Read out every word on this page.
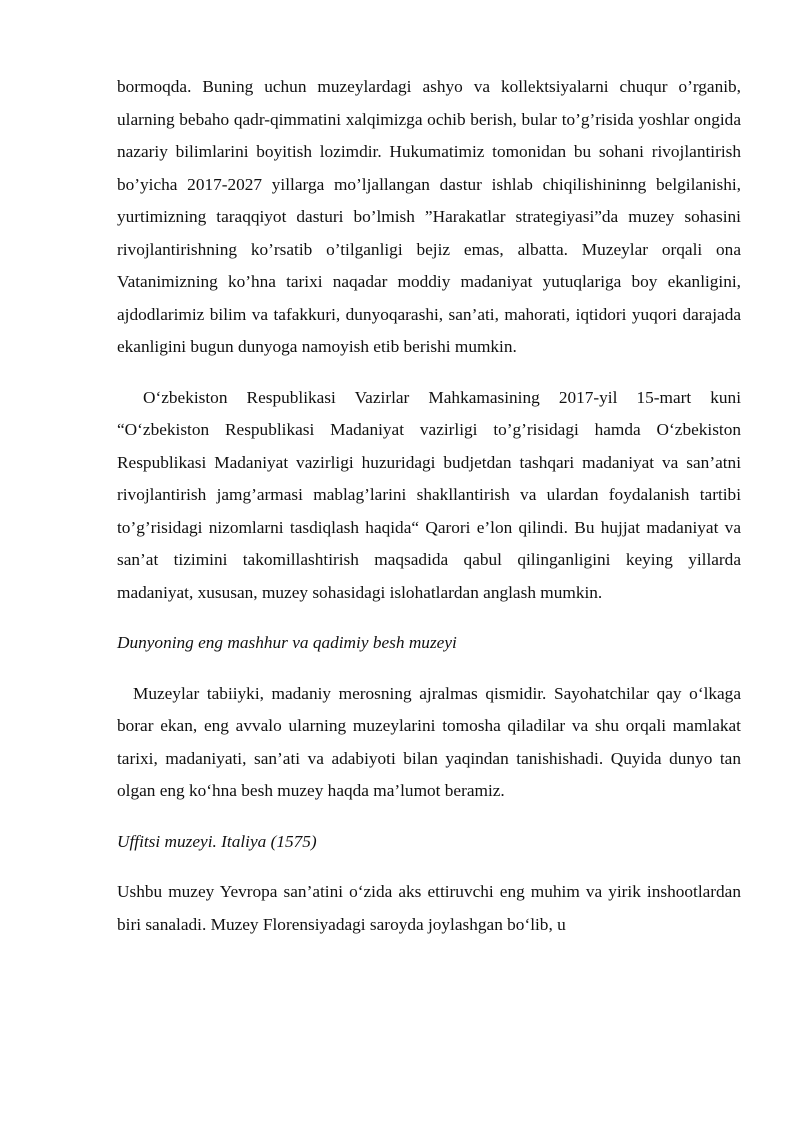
bormoqda. Buning uchun muzeylardagi ashyo va kollektsiyalarni chuqur o’rganib, ularning bebaho qadr-qimmatini xalqimizga ochib berish, bular to’g’risida yoshlar ongida nazariy bilimlarini boyitish lozimdir. Hukumatimiz tomonidan bu sohani rivojlantirish bo’yicha 2017-2027 yillarga mo’ljallangan dastur ishlab chiqilishininng belgilanishi, yurtimizning taraqqiyot dasturi bo’lmish ”Harakatlar strategiyasi”da muzey sohasini rivojlantirishning ko’rsatib o’tilganligi bejiz emas, albatta. Muzeylar orqali ona Vatanimizning ko’hna tarixi naqadar moddiy madaniyat yutuqlariga boy ekanligini, ajdodlarimiz bilim va tafakkuri, dunyoqarashi, san’ati, mahorati, iqtidori yuqori darajada ekanligini bugun dunyoga namoyish etib berishi mumkin.

O‘zbekiston Respublikasi Vazirlar Mahkamasining 2017-yil 15-mart kuni “O‘zbekiston Respublikasi Madaniyat vazirligi to’g’risidagi hamda O‘zbekiston Respublikasi Madaniyat vazirligi huzuridagi budjetdan tashqari madaniyat va san’atni rivojlantirish jamg’armasi mablag’larini shakllantirish va ulardan foydalanish tartibi to’g’risidagi nizomlarni tasdiqlash haqida“ Qarori e’lon qilindi. Bu hujjat madaniyat va san’at tizimini takomillashtirish maqsadida qabul qilinganligini keying yillarda madaniyat, xususan, muzey sohasidagi islohatlardan anglash mumkin.

Dunyoning eng mashhur va qadimiy besh muzeyi

Muzeylar tabiiyki, madaniy merosning ajralmas qismidir. Sayohatchilar qay o‘lkaga borar ekan, eng avvalo ularning muzeylarini tomosha qiladilar va shu orqali mamlakat tarixi, madaniyati, san’ati va adabiyoti bilan yaqindan tanishishadi. Quyida dunyo tan olgan eng ko‘hna besh muzey haqda ma’lumot beramiz.

Uffitsi muzeyi. Italiya (1575)

Ushbu muzey Yevropa san’atini o‘zida aks ettiruvchi eng muhim va yirik inshootlardan biri sanaladi. Muzey Florensiyadagi saroyda joylashgan bo‘lib, u
